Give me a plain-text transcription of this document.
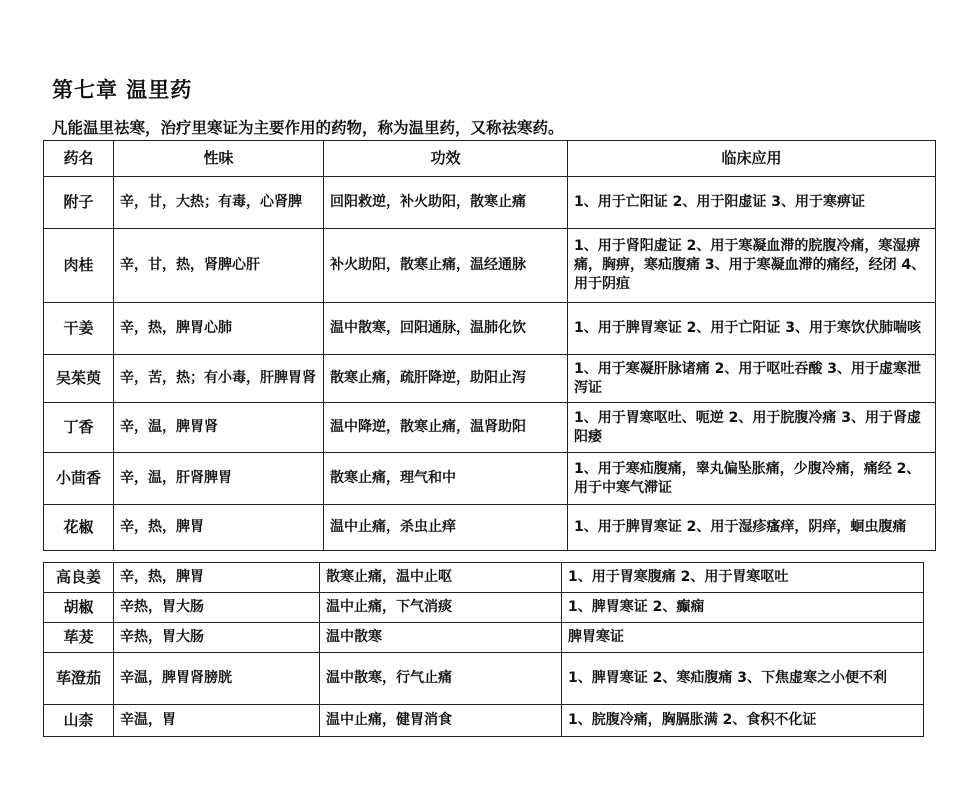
第七章 温里药
凡能温里祛寒，治疗里寒证为主要作用的药物，称为温里药，又称祛寒药。
药名	性味	功效	临床应用
附子	辛，甘，大热；有毒，心肾脾	回阳救逆，补火助阳，散寒止痛	1、用于亡阳证 2、用于阳虚证 3、用于寒痹证
肉桂	辛，甘，热，肾脾心肝	补火助阳，散寒止痛，温经通脉	1、用于肾阳虚证 2、用于寒凝血滞的脘腹冷痛，寒湿痹痛，胸痹，寒疝腹痛 3、用于寒凝血滞的痛经，经闭 4、用于阴疽
干姜	辛，热，脾胃心肺	温中散寒，回阳通脉，温肺化饮	1、用于脾胃寒证 2、用于亡阳证 3、用于寒饮伏肺喘咳
吴茱萸	辛，苦，热；有小毒，肝脾胃肾	散寒止痛，疏肝降逆，助阳止泻	1、用于寒凝肝脉诸痛 2、用于呕吐吞酸 3、用于虚寒泄泻证
丁香	辛，温，脾胃肾	温中降逆，散寒止痛，温肾助阳	1、用于胃寒呕吐、呃逆 2、用于脘腹冷痛 3、用于肾虚阳痿
小茴香	辛，温，肝肾脾胃	散寒止痛，理气和中	1、用于寒疝腹痛，睾丸偏坠胀痛，少腹冷痛，痛经 2、用于中寒气滞证
花椒	辛，热，脾胃	温中止痛，杀虫止痒	1、用于脾胃寒证 2、用于湿疹瘙痒，阴痒，蛔虫腹痛
高良姜	辛，热，脾胃	散寒止痛，温中止呕	1、用于胃寒腹痛 2、用于胃寒呕吐
胡椒	辛热，胃大肠	温中止痛，下气消痰	1、脾胃寒证 2、癫痫
荜茇	辛热，胃大肠	温中散寒	脾胃寒证
荜澄茄	辛温，脾胃肾膀胱	温中散寒，行气止痛	1、脾胃寒证 2、寒疝腹痛 3、下焦虚寒之小便不利
山柰	辛温，胃	温中止痛，健胃消食	1、脘腹冷痛，胸膈胀满 2、食积不化证
